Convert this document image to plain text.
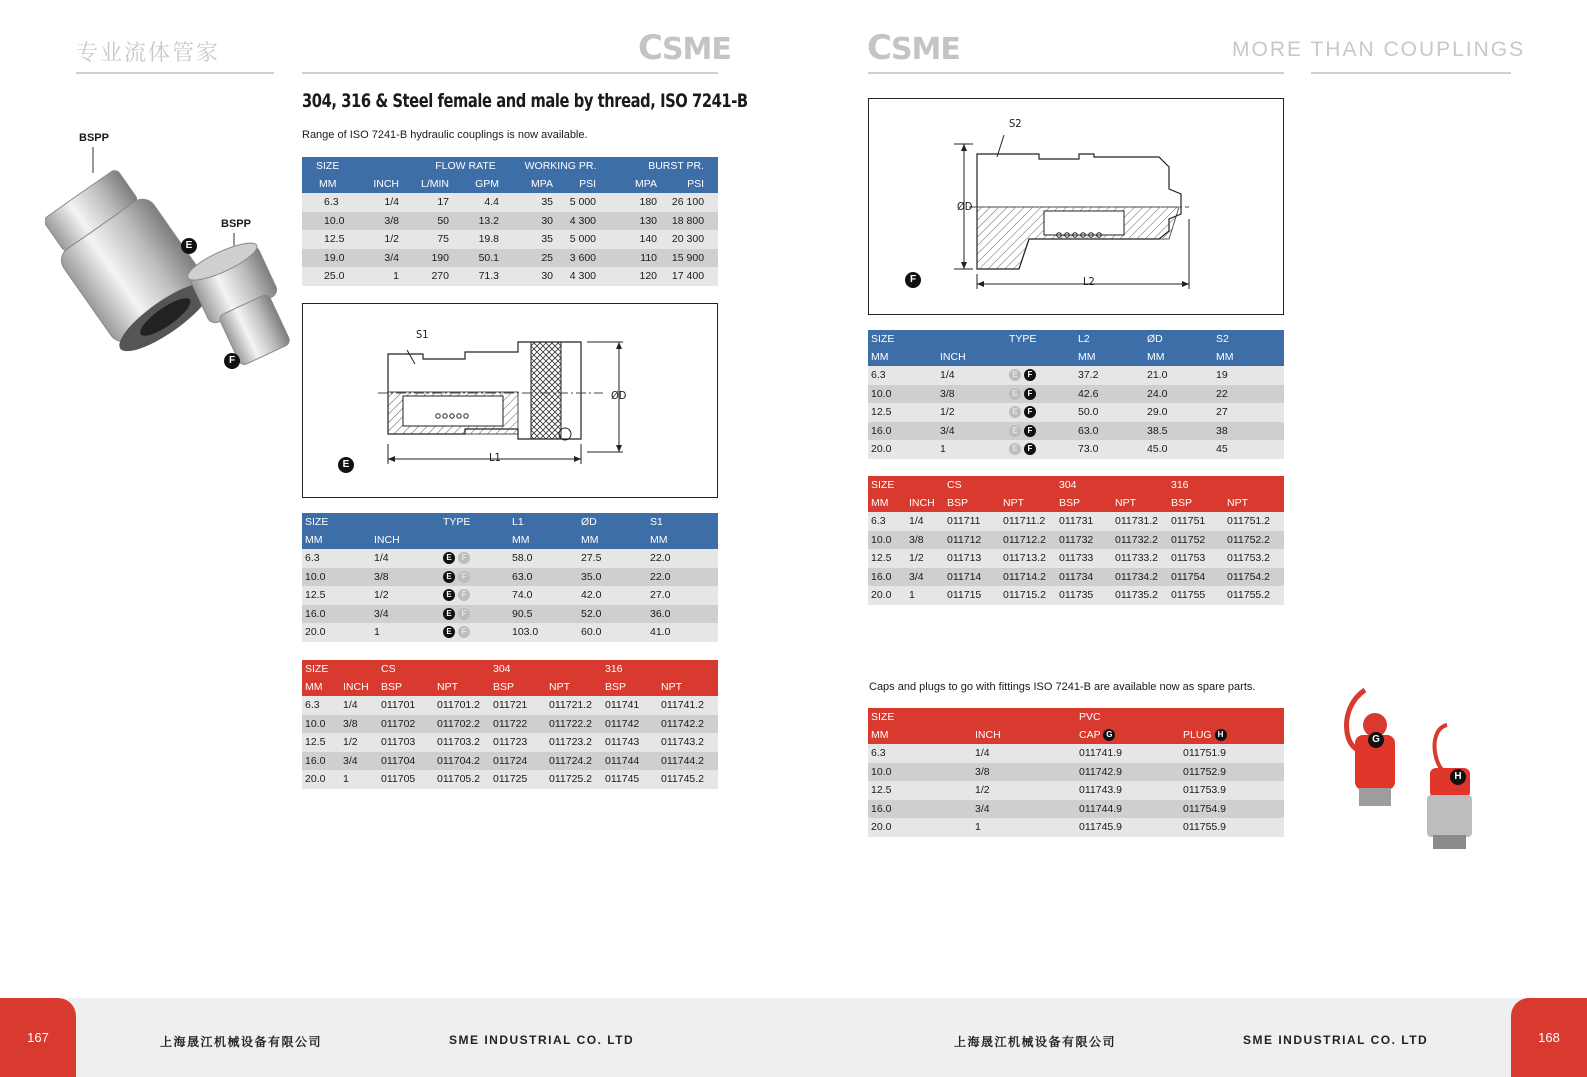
专业流体管家	CSME	CSME	MORE THAN COUPLINGS
304, 316 & Steel female and male by thread, ISO 7241-B
Range of ISO 7241-B hydraulic couplings is now available.
BSPP
BSPP
E
F
SIZE		FLOW RATE		WORKING PR.		BURST PR.	
MM	INCH	L/MIN	GPM	MPA	PSI	MPA	PSI
6.3	1/4	17	4.4	35	5 000	180	26 100
10.0	3/8	50	13.2	30	4 300	130	18 800
12.5	1/2	75	19.8	35	5 000	140	20 300
19.0	3/4	190	50.1	25	3 600	110	15 900
25.0	1	270	71.3	30	4 300	120	17 400
S1
ØD
L1
E
SIZE		TYPE	L1	ØD	S1
MM	INCH		MM	MM	MM
6.3	1/4	E F	58.0	27.5	22.0
10.0	3/8	E F	63.0	35.0	22.0
12.5	1/2	E F	74.0	42.0	27.0
16.0	3/4	E F	90.5	52.0	36.0
20.0	1	E F	103.0	60.0	41.0
SIZE		CS		304		316	
MM	INCH	BSP	NPT	BSP	NPT	BSP	NPT
6.3	1/4	011701	011701.2	011721	011721.2	011741	011741.2
10.0	3/8	011702	011702.2	011722	011722.2	011742	011742.2
12.5	1/2	011703	011703.2	011723	011723.2	011743	011743.2
16.0	3/4	011704	011704.2	011724	011724.2	011744	011744.2
20.0	1	011705	011705.2	011725	011725.2	011745	011745.2
S2
ØD
L2
F
SIZE		TYPE	L2	ØD	S2
MM	INCH		MM	MM	MM
6.3	1/4	E F	37.2	21.0	19
10.0	3/8	E F	42.6	24.0	22
12.5	1/2	E F	50.0	29.0	27
16.0	3/4	E F	63.0	38.5	38
20.0	1	E F	73.0	45.0	45
SIZE		CS		304		316	
MM	INCH	BSP	NPT	BSP	NPT	BSP	NPT
6.3	1/4	011711	011711.2	011731	011731.2	011751	011751.2
10.0	3/8	011712	011712.2	011732	011732.2	011752	011752.2
12.5	1/2	011713	011713.2	011733	011733.2	011753	011753.2
16.0	3/4	011714	011714.2	011734	011734.2	011754	011754.2
20.0	1	011715	011715.2	011735	011735.2	011755	011755.2
Caps and plugs to go with fittings ISO 7241-B are available now as spare parts.
SIZE		PVC	
MM	INCH	CAP G	PLUG H
6.3	1/4	011741.9	011751.9
10.0	3/8	011742.9	011752.9
12.5	1/2	011743.9	011753.9
16.0	3/4	011744.9	011754.9
20.0	1	011745.9	011755.9
G
H
167	168
上海晟江机械设备有限公司	SME INDUSTRIAL CO. LTD	上海晟江机械设备有限公司	SME INDUSTRIAL CO. LTD
